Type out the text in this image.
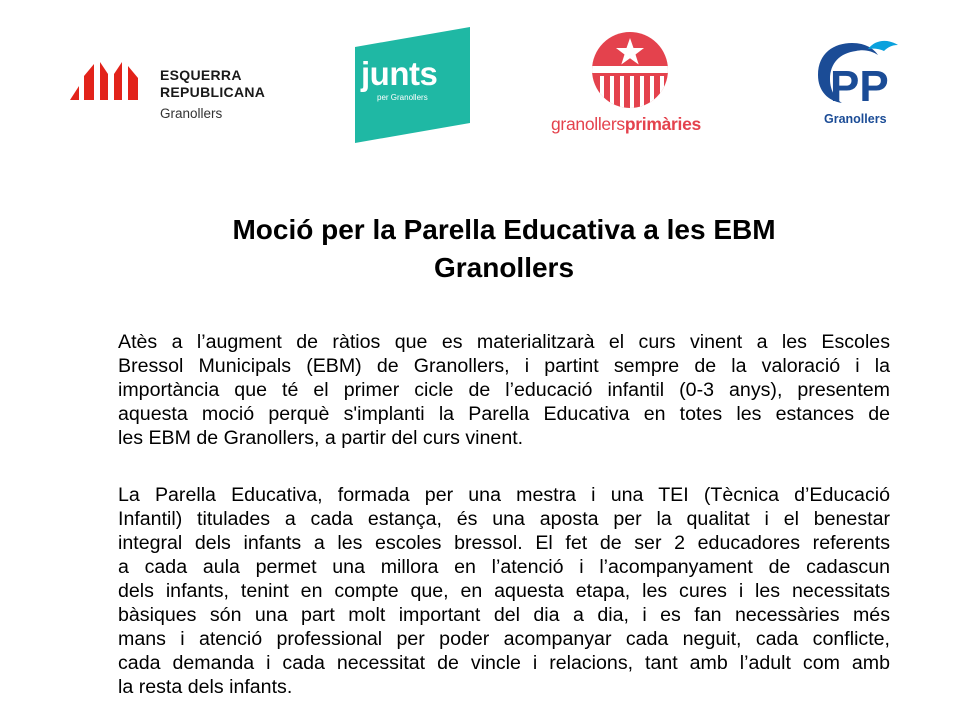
ESQUERRA
REPUBLICANA
Granollers
junts
per Granollers
granollersprimàries
PP
Granollers
Moció per la Parella Educativa a les EBM
Granollers
Atès a l’augment de ràtios que es materialitzarà el curs vinent a les Escoles
Bressol Municipals (EBM) de Granollers, i partint sempre de la valoració i la
importància que té el primer cicle de l’educació infantil (0-3 anys), presentem
aquesta moció perquè s'implanti la Parella Educativa en totes les estances de
les EBM de Granollers, a partir del curs vinent.
La Parella Educativa, formada per una mestra i una TEI (Tècnica d’Educació
Infantil) titulades a cada estança, és una aposta per la qualitat i el benestar
integral dels infants a les escoles bressol. El fet de ser 2 educadores referents
a cada aula permet una millora en l’atenció i l’acompanyament de cadascun
dels infants, tenint en compte que, en aquesta etapa, les cures i les necessitats
bàsiques són una part molt important del dia a dia, i es fan necessàries més
mans i atenció professional per poder acompanyar cada neguit, cada conflicte,
cada demanda i cada necessitat de vincle i relacions, tant amb l’adult com amb
la resta dels infants.
